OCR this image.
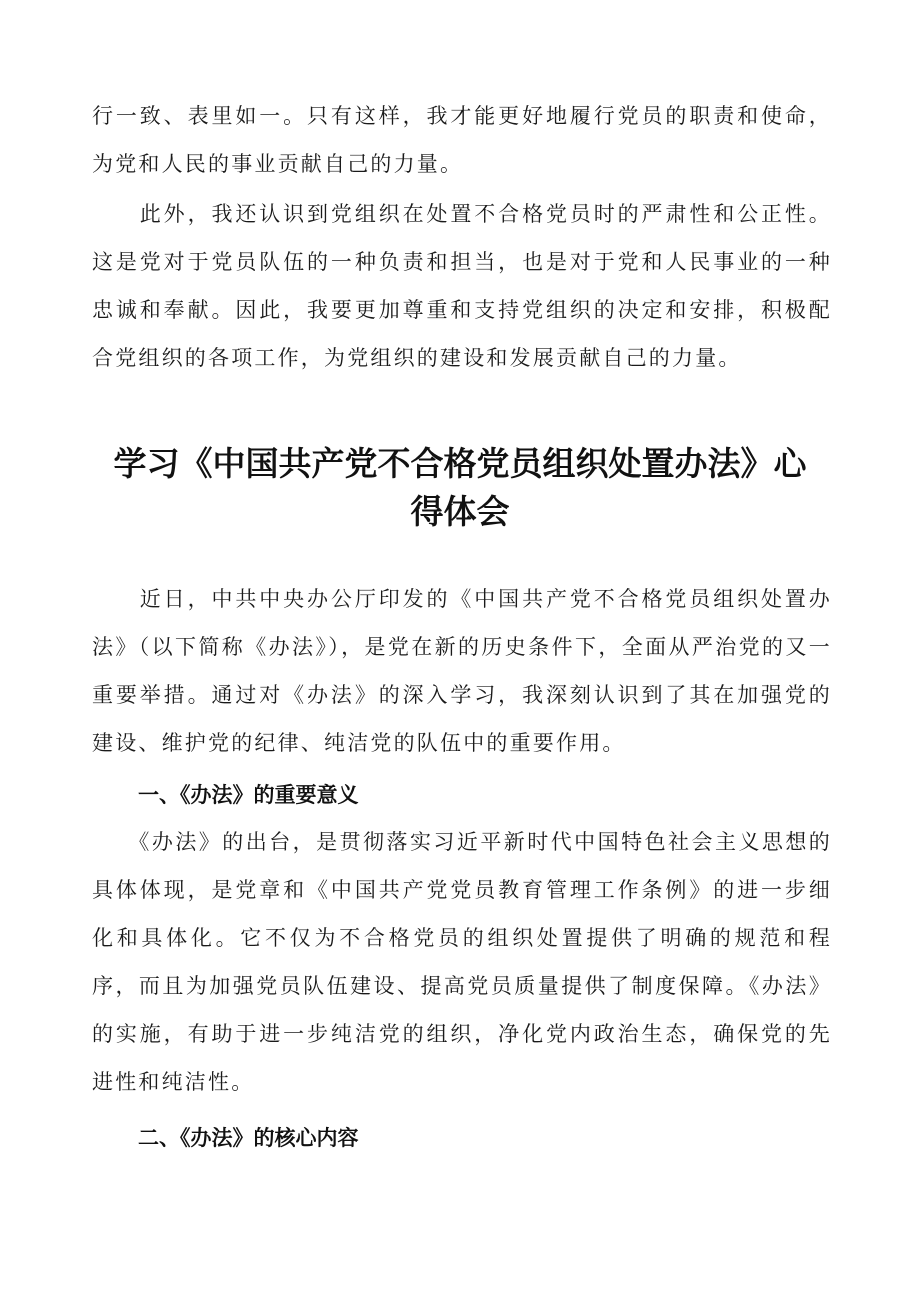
行一致、表里如一。只有这样，我才能更好地履行党员的职责和使命，为党和人民的事业贡献自己的力量。

　　此外，我还认识到党组织在处置不合格党员时的严肃性和公正性。这是党对于党员队伍的一种负责和担当，也是对于党和人民事业的一种忠诚和奉献。因此，我要更加尊重和支持党组织的决定和安排，积极配合党组织的各项工作，为党组织的建设和发展贡献自己的力量。

学习《中国共产党不合格党员组织处置办法》心得体会

　　近日，中共中央办公厅印发的《中国共产党不合格党员组织处置办法》（以下简称《办法》），是党在新的历史条件下，全面从严治党的又一重要举措。通过对《办法》的深入学习，我深刻认识到了其在加强党的建设、维护党的纪律、纯洁党的队伍中的重要作用。

一、《办法》的重要意义

　　《办法》的出台，是贯彻落实习近平新时代中国特色社会主义思想的具体体现，是党章和《中国共产党党员教育管理工作条例》的进一步细化和具体化。它不仅为不合格党员的组织处置提供了明确的规范和程序，而且为加强党员队伍建设、提高党员质量提供了制度保障。《办法》的实施，有助于进一步纯洁党的组织，净化党内政治生态，确保党的先进性和纯洁性。

二、《办法》的核心内容
